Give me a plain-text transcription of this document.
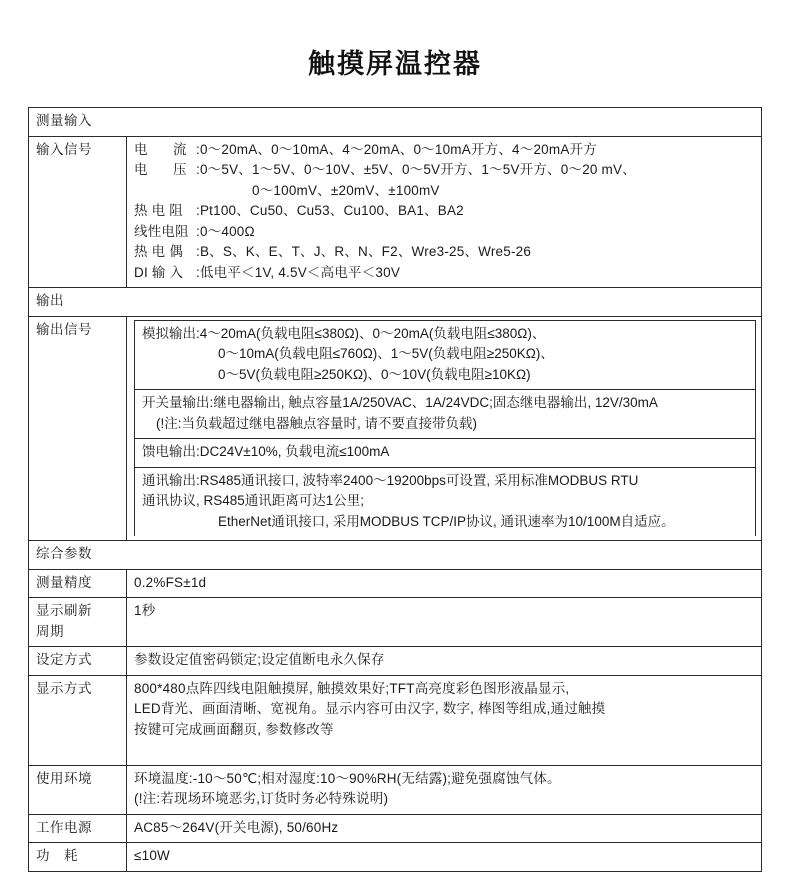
触摸屏温控器
测量输入
输入信号	电　流 :0～20mA、0～10mA、4～20mA、0～10mA开方、4～20mA开方
电　压 :0～5V、1～5V、0～10V、±5V、0～5V开方、1～5V开方、0～20 mV、
0～100mV、±20mV、±100mV
热 电 阻 :Pt100、Cu50、Cu53、Cu100、BA1、BA2
线性电阻 :0～400Ω
热 电 偶 :B、S、K、E、T、J、R、N、F2、Wre3-25、Wre5-26
DI 输 入 :低电平＜1V, 4.5V＜高电平＜30V

输出
输出信号		模拟输出:4～20mA(负载电阻≤380Ω)、0～20mA(负载电阻≤380Ω)、
0～10mA(负载电阻≤760Ω)、1～5V(负载电阻≥250KΩ)、
0～5V(负载电阻≥250KΩ)、0～10V(负载电阻≥10KΩ)

开关量输出:继电器输出, 触点容量1A/250VAC、1A/24VDC;固态继电器输出, 12V/30mA
(!注:当负载超过继电器触点容量时, 请不要直接带负载)

馈电输出:DC24V±10%, 负载电流≤100mA

通讯输出:RS485通讯接口, 波特率2400～19200bps可设置, 采用标准MODBUS RTU
通讯协议, RS485通讯距离可达1公里;
EtherNet通讯接口, 采用MODBUS TCP/IP协议, 通讯速率为10/100M自适应。

综合参数
测量精度	0.2%FS±1d

显示刷新
周期
	1秒
设定方式	参数设定值密码锁定;设定值断电永久保存
显示方式	800*480点阵四线电阻触摸屏, 触摸效果好;TFT高亮度彩色图形液晶显示,
LED背光、画面清晰、宽视角。显示内容可由汉字, 数字, 棒图等组成,通过触摸
按键可完成画面翻页, 参数修改等

使用环境	环境温度:-10～50℃;相对湿度:10～90%RH(无结露);避免强腐蚀气体。
(!注:若现场环境恶劣,订货时务必特殊说明)

工作电源	AC85～264V(开关电源), 50/60Hz
功　耗	≤10W
